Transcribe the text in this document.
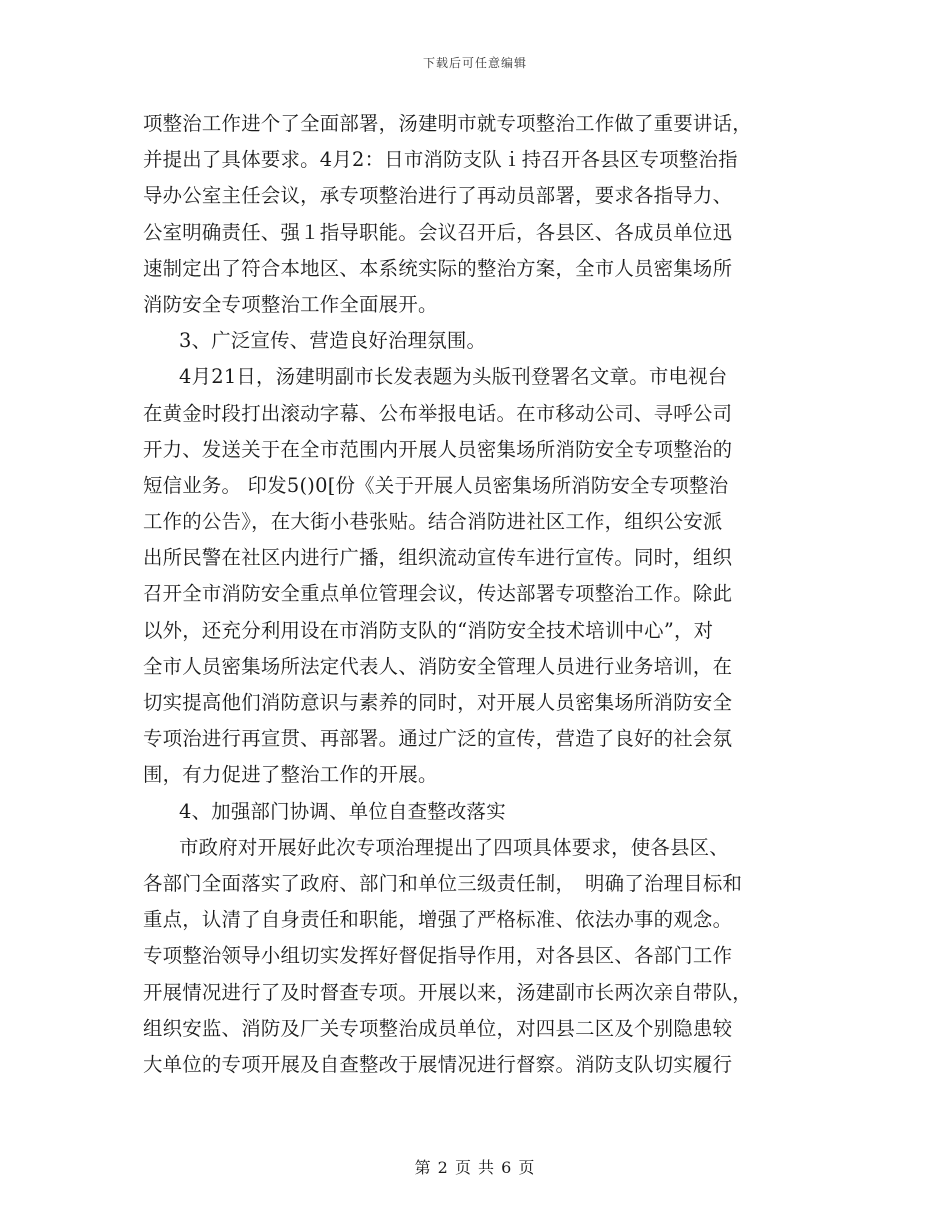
下载后可任意编辑
项整治工作进个了全面部署，汤建明市就专项整治工作做了重要讲话，
并提出了具体要求。4月2：日市消防支队ｉ持召开各县区专项整治指
导办公室主任会议，承专项整治进行了再动员部署，要求各指导力、
公室明确责任、强１指导职能。会议召开后，各县区、各成员单位迅
速制定出了符合本地区、本系统实际的整治方案，全市人员密集场所
消防安全专项整治工作全面展开。
3、广泛宣传、营造良好治理氛围。
4月21日，汤建明副市长发表题为头版刊登署名文章。市电视台
在黄金时段打出滚动字幕、公布举报电话。在市移动公司、寻呼公司
开力、发送关于在全市范围内开展人员密集场所消防安全专项整治的
短信业务。 印发5()0[份《关于开展人员密集场所消防安全专项整治
工作的公告》，在大街小巷张贴。结合消防进社区工作，组织公安派
出所民警在社区内进行广播，组织流动宣传车进行宣传。同时，组织
召开全市消防安全重点单位管理会议，传达部署专项整治工作。除此
以外，还充分利用设在市消防支队的“消防安全技术培训中心”，对
全市人员密集场所法定代表人、消防安全管理人员进行业务培训，在
切实提高他们消防意识与素养的同时，对开展人员密集场所消防安全
专项治进行再宣贯、再部署。通过广泛的宣传，营造了良好的社会氛
围，有力促进了整治工作的开展。
4、加强部门协调、单位自查整改落实
市政府对开展好此次专项治理提出了四项具体要求，使各县区、
各部门全面落实了政府、部门和单位三级责任制，　明确了治理目标和
重点，认清了自身责任和职能，增强了严格标准、依法办事的观念。
专项整治领导小组切实发挥好督促指导作用，对各县区、各部门工作
开展情况进行了及时督查专项。开展以来，汤建副市长两次亲自带队，
组织安监、消防及厂关专项整治成员单位，对四县二区及个别隐患较
大单位的专项开展及自查整改于展情况进行督察。消防支队切实履行
第 2 页 共 6 页
